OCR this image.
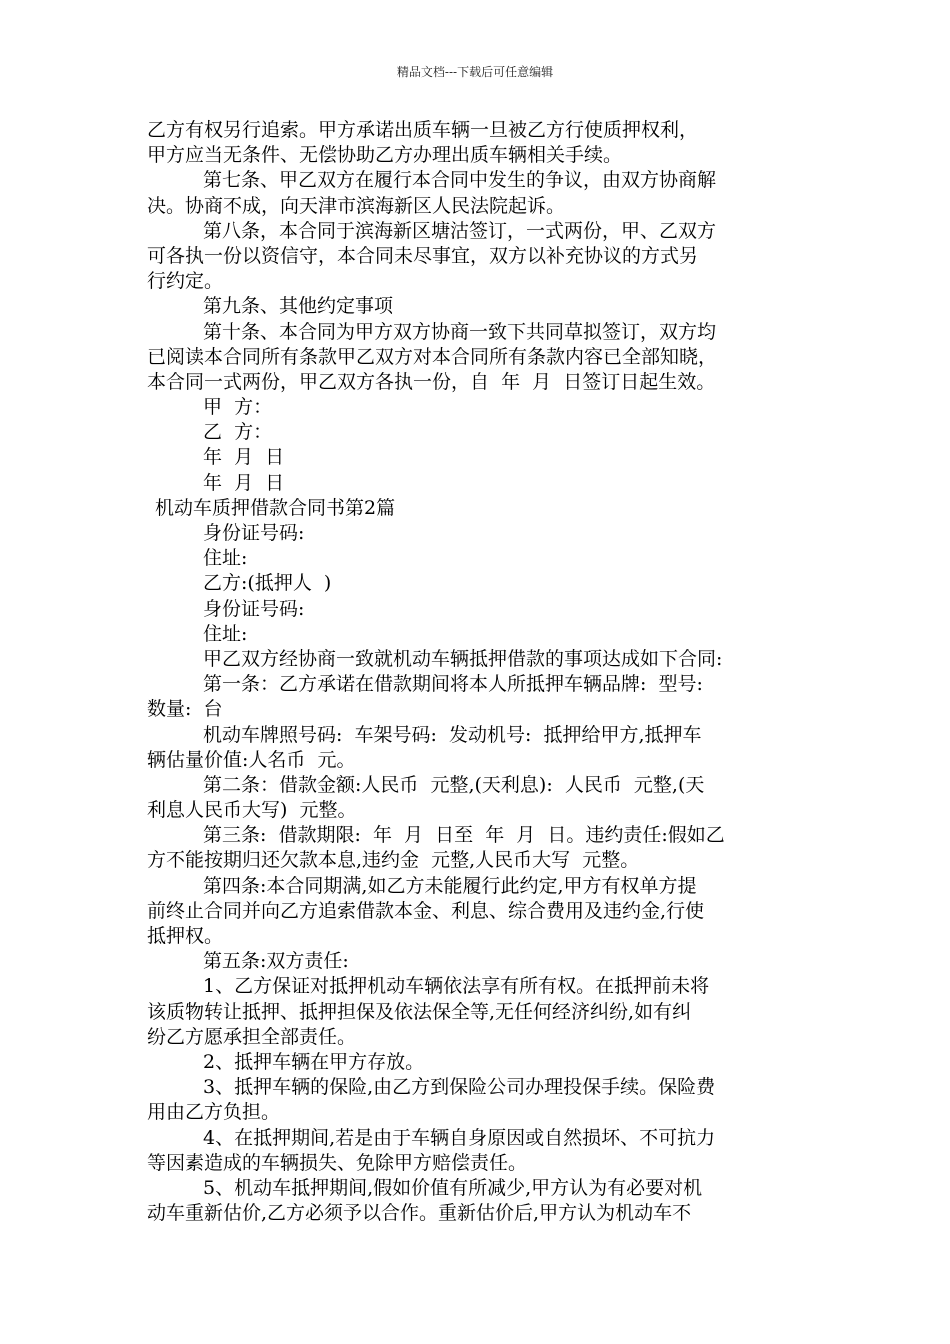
精品文档---下载后可任意编辑
乙方有权另行追索。甲方承诺出质车辆一旦被乙方行使质押权利，
甲方应当无条件、无偿协助乙方办理出质车辆相关手续。
第七条、甲乙双方在履行本合同中发生的争议，由双方协商解
决。协商不成，向天津市滨海新区人民法院起诉。
第八条，本合同于滨海新区塘沽签订，一式两份，甲、乙双方
可各执一份以资信守，本合同未尽事宜，双方以补充协议的方式另
行约定。
第九条、其他约定事项
第十条、本合同为甲方双方协商一致下共同草拟签订，双方均
已阅读本合同所有条款甲乙双方对本合同所有条款内容已全部知晓，
本合同一式两份，甲乙双方各执一份，自  年  月  日签订日起生效。
甲  方：
乙  方：
年  月  日
年  月  日
机动车质押借款合同书第2篇
身份证号码:
住址:
乙方:(抵押人  )
身份证号码:
住址:
甲乙双方经协商一致就机动车辆抵押借款的事项达成如下合同:
第一条：乙方承诺在借款期间将本人所抵押车辆品牌:  型号:
数量:  台
机动车牌照号码:  车架号码:  发动机号:  抵押给甲方,抵押车
辆估量价值:人名币  元。
第二条：借款金额:人民币  元整,(天利息):  人民币  元整,(天
利息人民币大写)  元整。
第三条:  借款期限:  年  月  日至  年  月  日。违约责任:假如乙
方不能按期归还欠款本息,违约金  元整,人民币大写  元整。
第四条:本合同期满,如乙方未能履行此约定,甲方有权单方提
前终止合同并向乙方追索借款本金、利息、综合费用及违约金,行使
抵押权。
第五条:双方责任:
1、乙方保证对抵押机动车辆依法享有所有权。在抵押前未将
该质物转让抵押、抵押担保及依法保全等,无任何经济纠纷,如有纠
纷乙方愿承担全部责任。
2、抵押车辆在甲方存放。
3、抵押车辆的保险,由乙方到保险公司办理投保手续。保险费
用由乙方负担。
4、在抵押期间,若是由于车辆自身原因或自然损坏、不可抗力
等因素造成的车辆损失、免除甲方赔偿责任。
5、机动车抵押期间,假如价值有所减少,甲方认为有必要对机
动车重新估价,乙方必须予以合作。重新估价后,甲方认为机动车不
